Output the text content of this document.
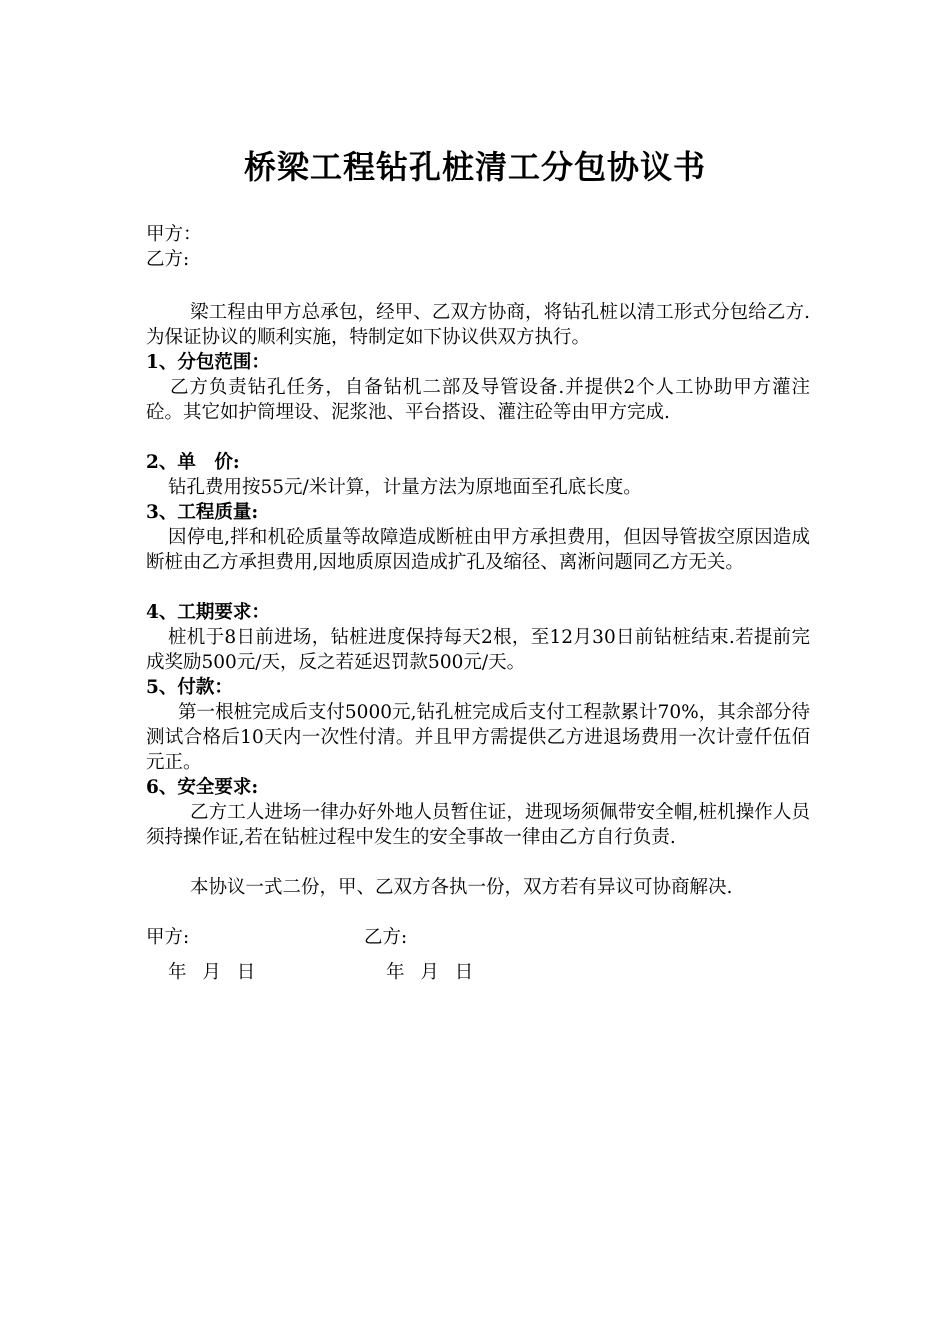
桥梁工程钻孔桩清工分包协议书
甲方：
乙方:
梁工程由甲方总承包，经甲、乙双方协商，将钻孔桩以清工形式分包给乙方.为保证协议的顺利实施，特制定如下协议供双方执行。
1、分包范围：
乙方负责钻孔任务，自备钻机二部及导管设备.并提供2个人工协助甲方灌注砼。其它如护筒埋设、泥浆池、平台搭设、灌注砼等由甲方完成.
2、单　价:
钻孔费用按55元/米计算，计量方法为原地面至孔底长度。
3、工程质量:
因停电,拌和机砼质量等故障造成断桩由甲方承担费用，但因导管拔空原因造成断桩由乙方承担费用,因地质原因造成扩孔及缩径、离淅问题同乙方无关。
4、工期要求：
桩机于8日前进场，钻桩进度保持每天2根，至12月30日前钻桩结束.若提前完成奖励500元/天，反之若延迟罚款500元/天。
5、付款：
第一根桩完成后支付5000元,钻孔桩完成后支付工程款累计70%，其余部分待测试合格后10天内一次性付清。并且甲方需提供乙方进退场费用一次计壹仟伍佰元正。
6、安全要求:
乙方工人进场一律办好外地人员暂住证，进现场须佩带安全帽,桩机操作人员须持操作证,若在钻桩过程中发生的安全事故一律由乙方自行负责.
本协议一式二份，甲、乙双方各执一份，双方若有异议可协商解决.
甲方:	乙方:
年 月 日	年 月 日
